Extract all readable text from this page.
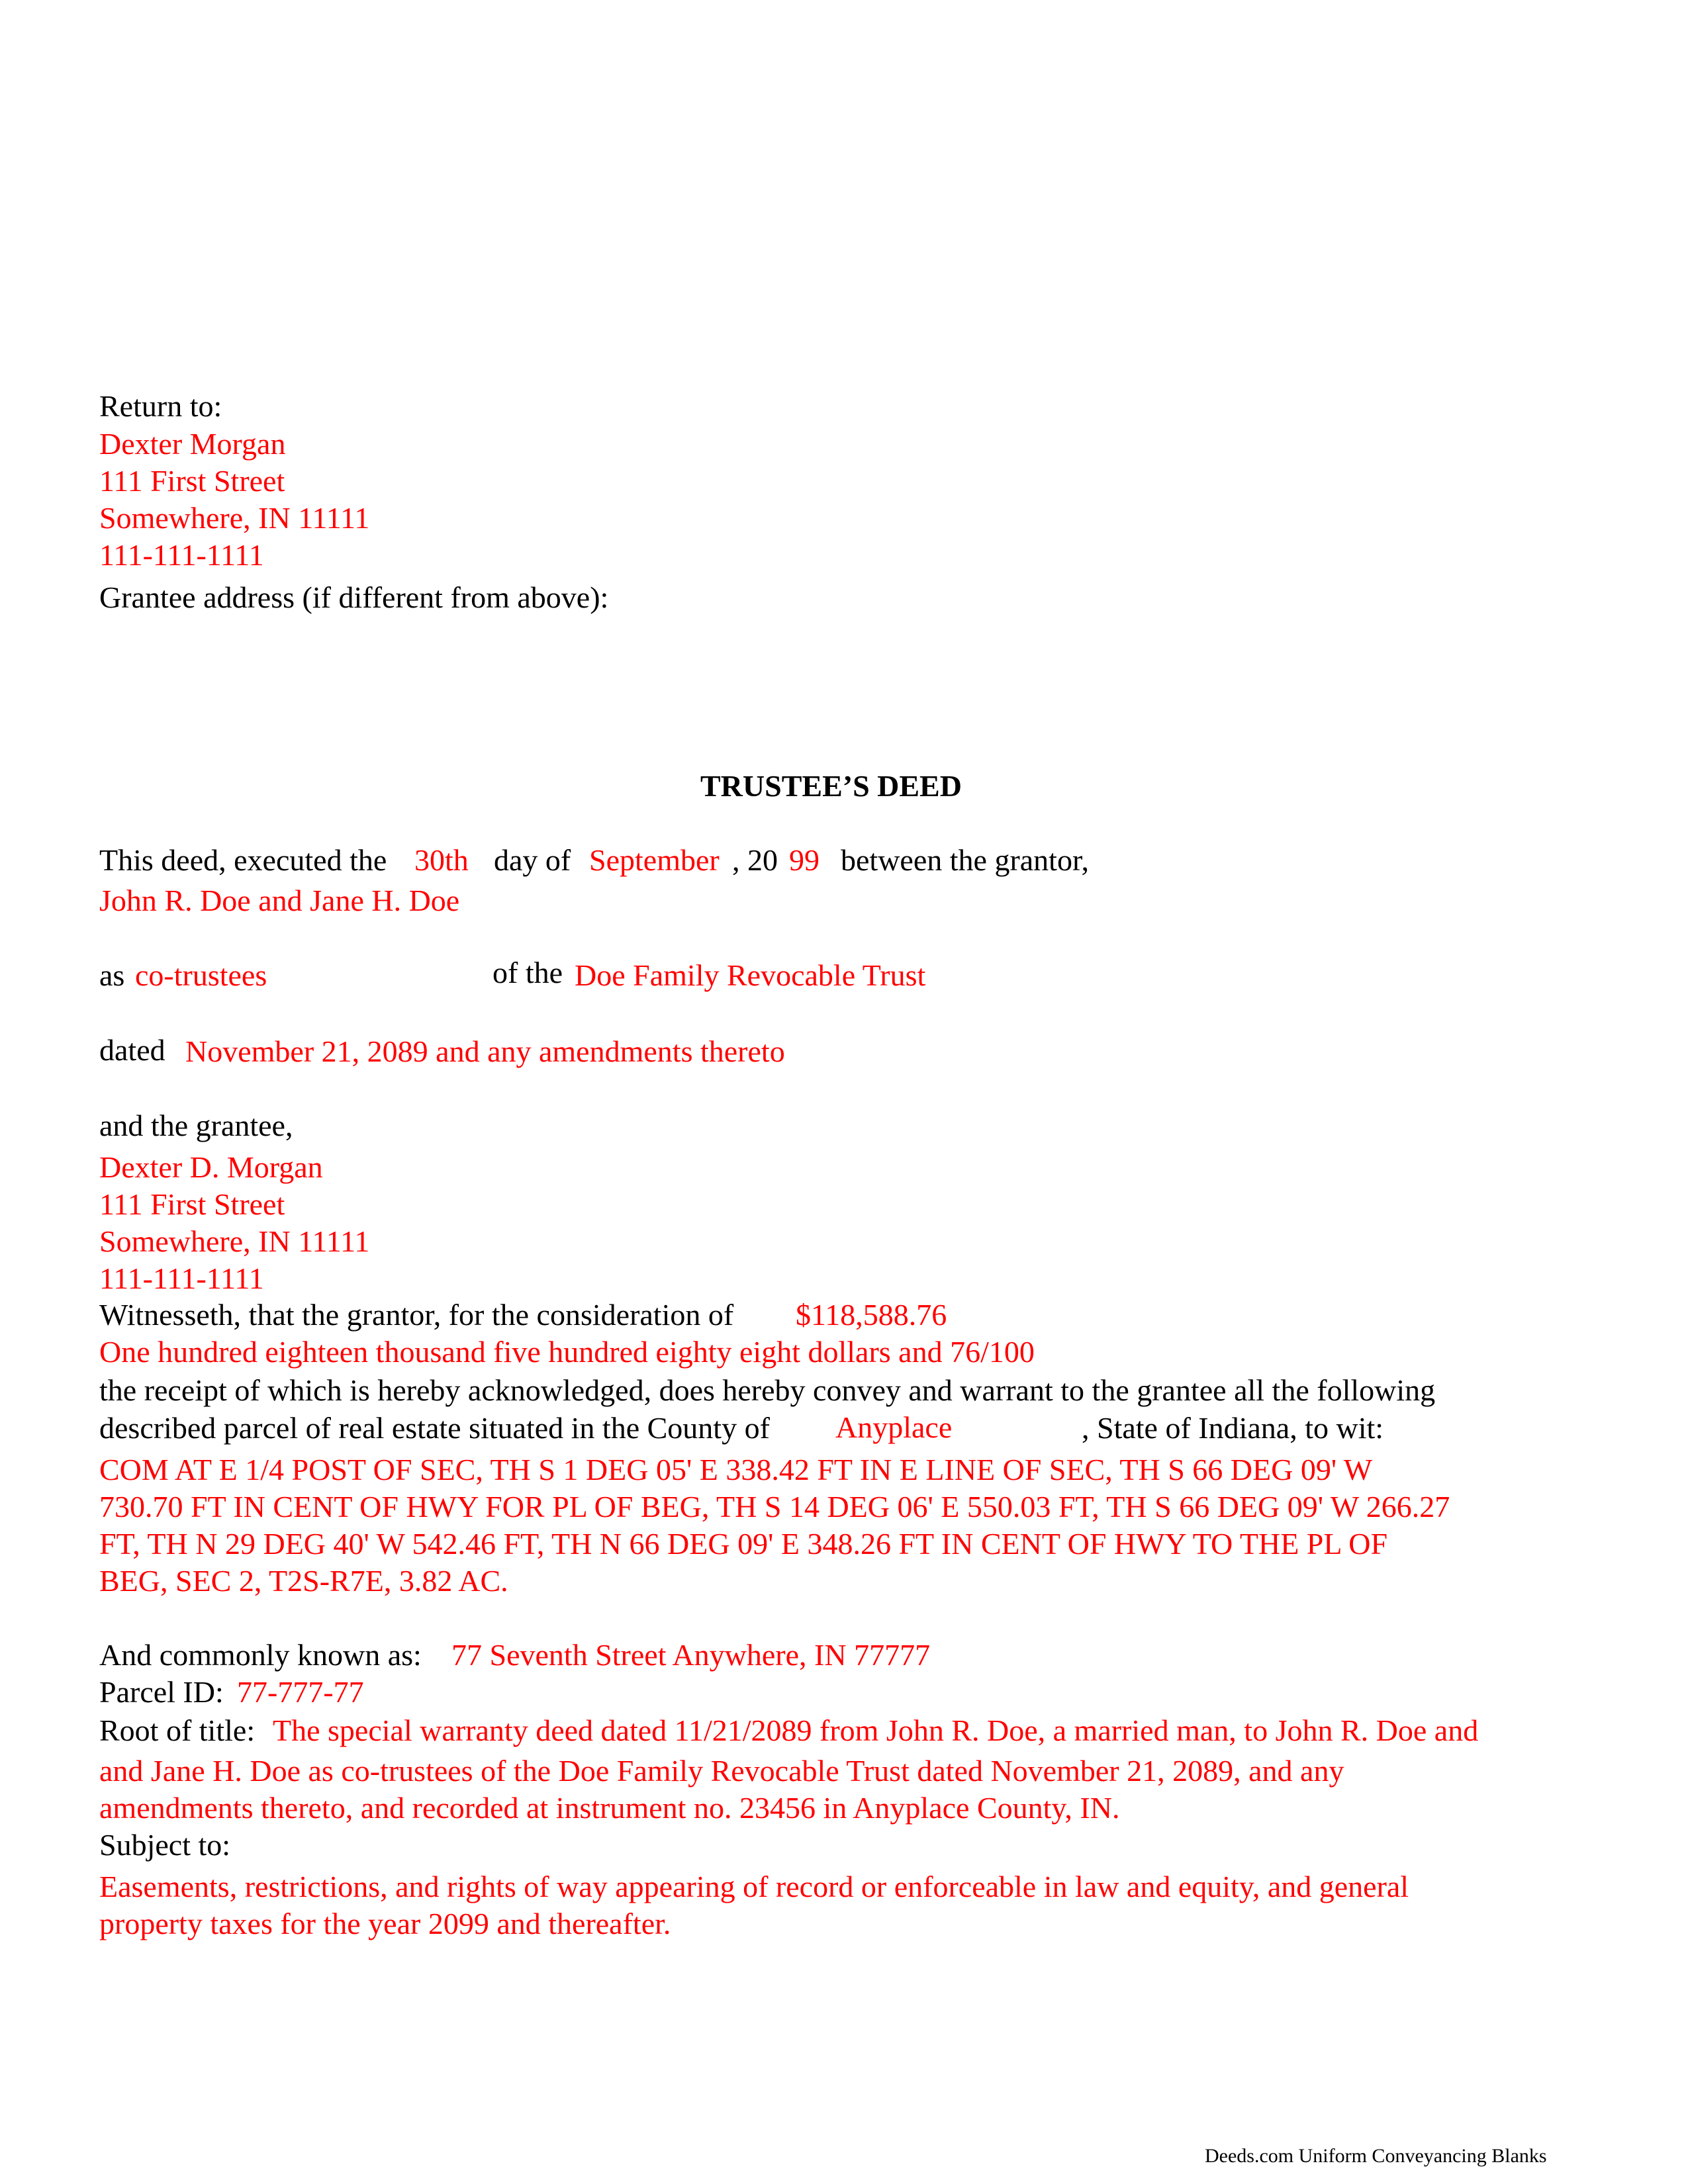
Return to:
Dexter Morgan
111 First Street
Somewhere, IN 11111
111-111-1111
Grantee address (if different from above):
TRUSTEE’S DEED
This deed, executed the 30th day of September , 20 99 between the grantor,
John R. Doe and Jane H. Doe
as co-trustees	of the Doe Family Revocable Trust
dated November 21, 2089 and any amendments thereto
and the grantee,
Dexter D. Morgan
111 First Street
Somewhere, IN 11111
111-111-1111
Witnesseth, that the grantor, for the consideration of $118,588.76
One hundred eighteen thousand five hundred eighty eight dollars and 76/100
the receipt of which is hereby acknowledged, does hereby convey and warrant to the grantee all the following
described parcel of real estate situated in the County of Anyplace	, State of Indiana, to wit:
COM AT E 1/4 POST OF SEC, TH S 1 DEG 05' E 338.42 FT IN E LINE OF SEC, TH S 66 DEG 09' W
730.70 FT IN CENT OF HWY FOR PL OF BEG, TH S 14 DEG 06' E 550.03 FT, TH S 66 DEG 09' W 266.27
FT, TH N 29 DEG 40' W 542.46 FT, TH N 66 DEG 09' E 348.26 FT IN CENT OF HWY TO THE PL OF
BEG, SEC 2, T2S-R7E, 3.82 AC.
And commonly known as: 77 Seventh Street Anywhere, IN 77777
Parcel ID: 77-777-77
Root of title: The special warranty deed dated 11/21/2089 from John R. Doe, a married man, to John R. Doe and
and Jane H. Doe as co-trustees of the Doe Family Revocable Trust dated November 21, 2089, and any
amendments thereto, and recorded at instrument no. 23456 in Anyplace County, IN.
Subject to:
Easements, restrictions, and rights of way appearing of record or enforceable in law and equity, and general
property taxes for the year 2099 and thereafter.
Deeds.com Uniform Conveyancing Blanks
